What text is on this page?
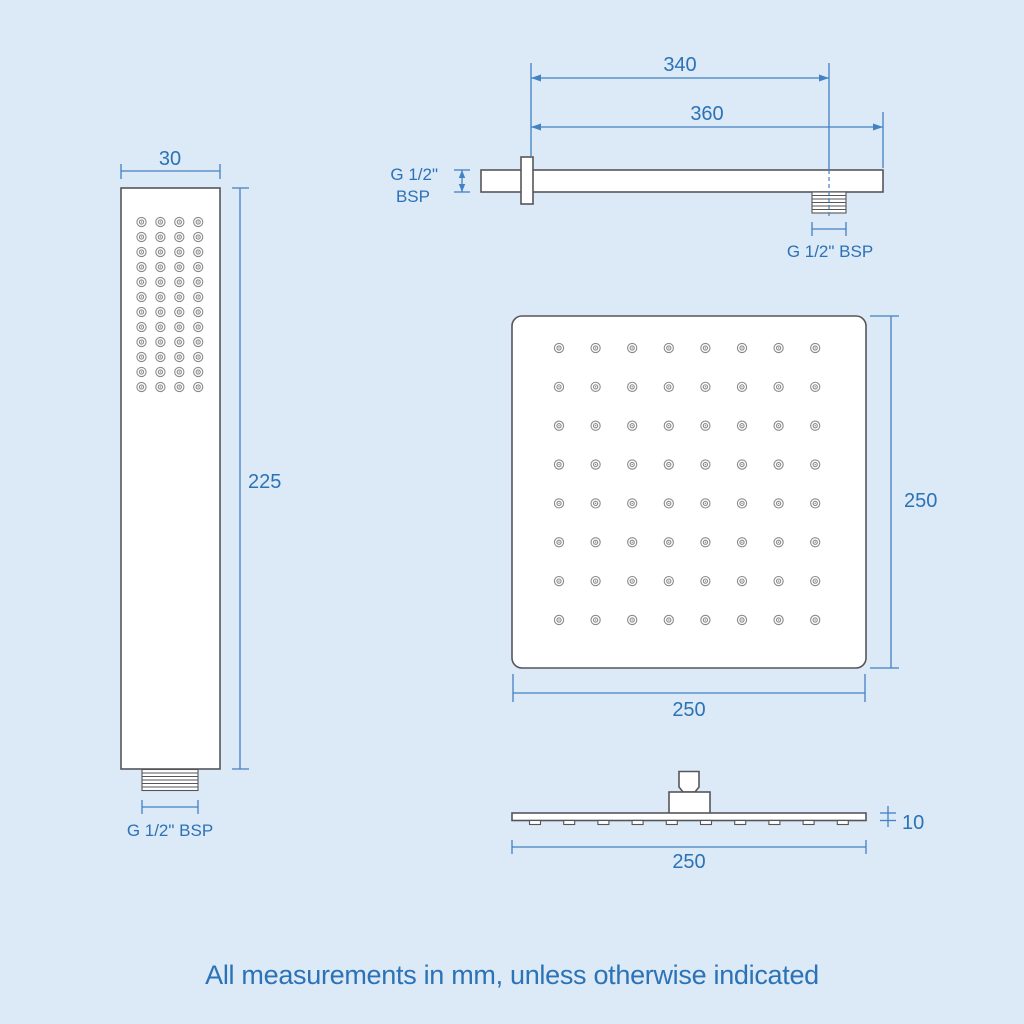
30
225
G 1/2" BSP
340
360
G 1/2"
BSP
G 1/2" BSP
250
250
10
250
All measurements in mm, unless otherwise indicated
